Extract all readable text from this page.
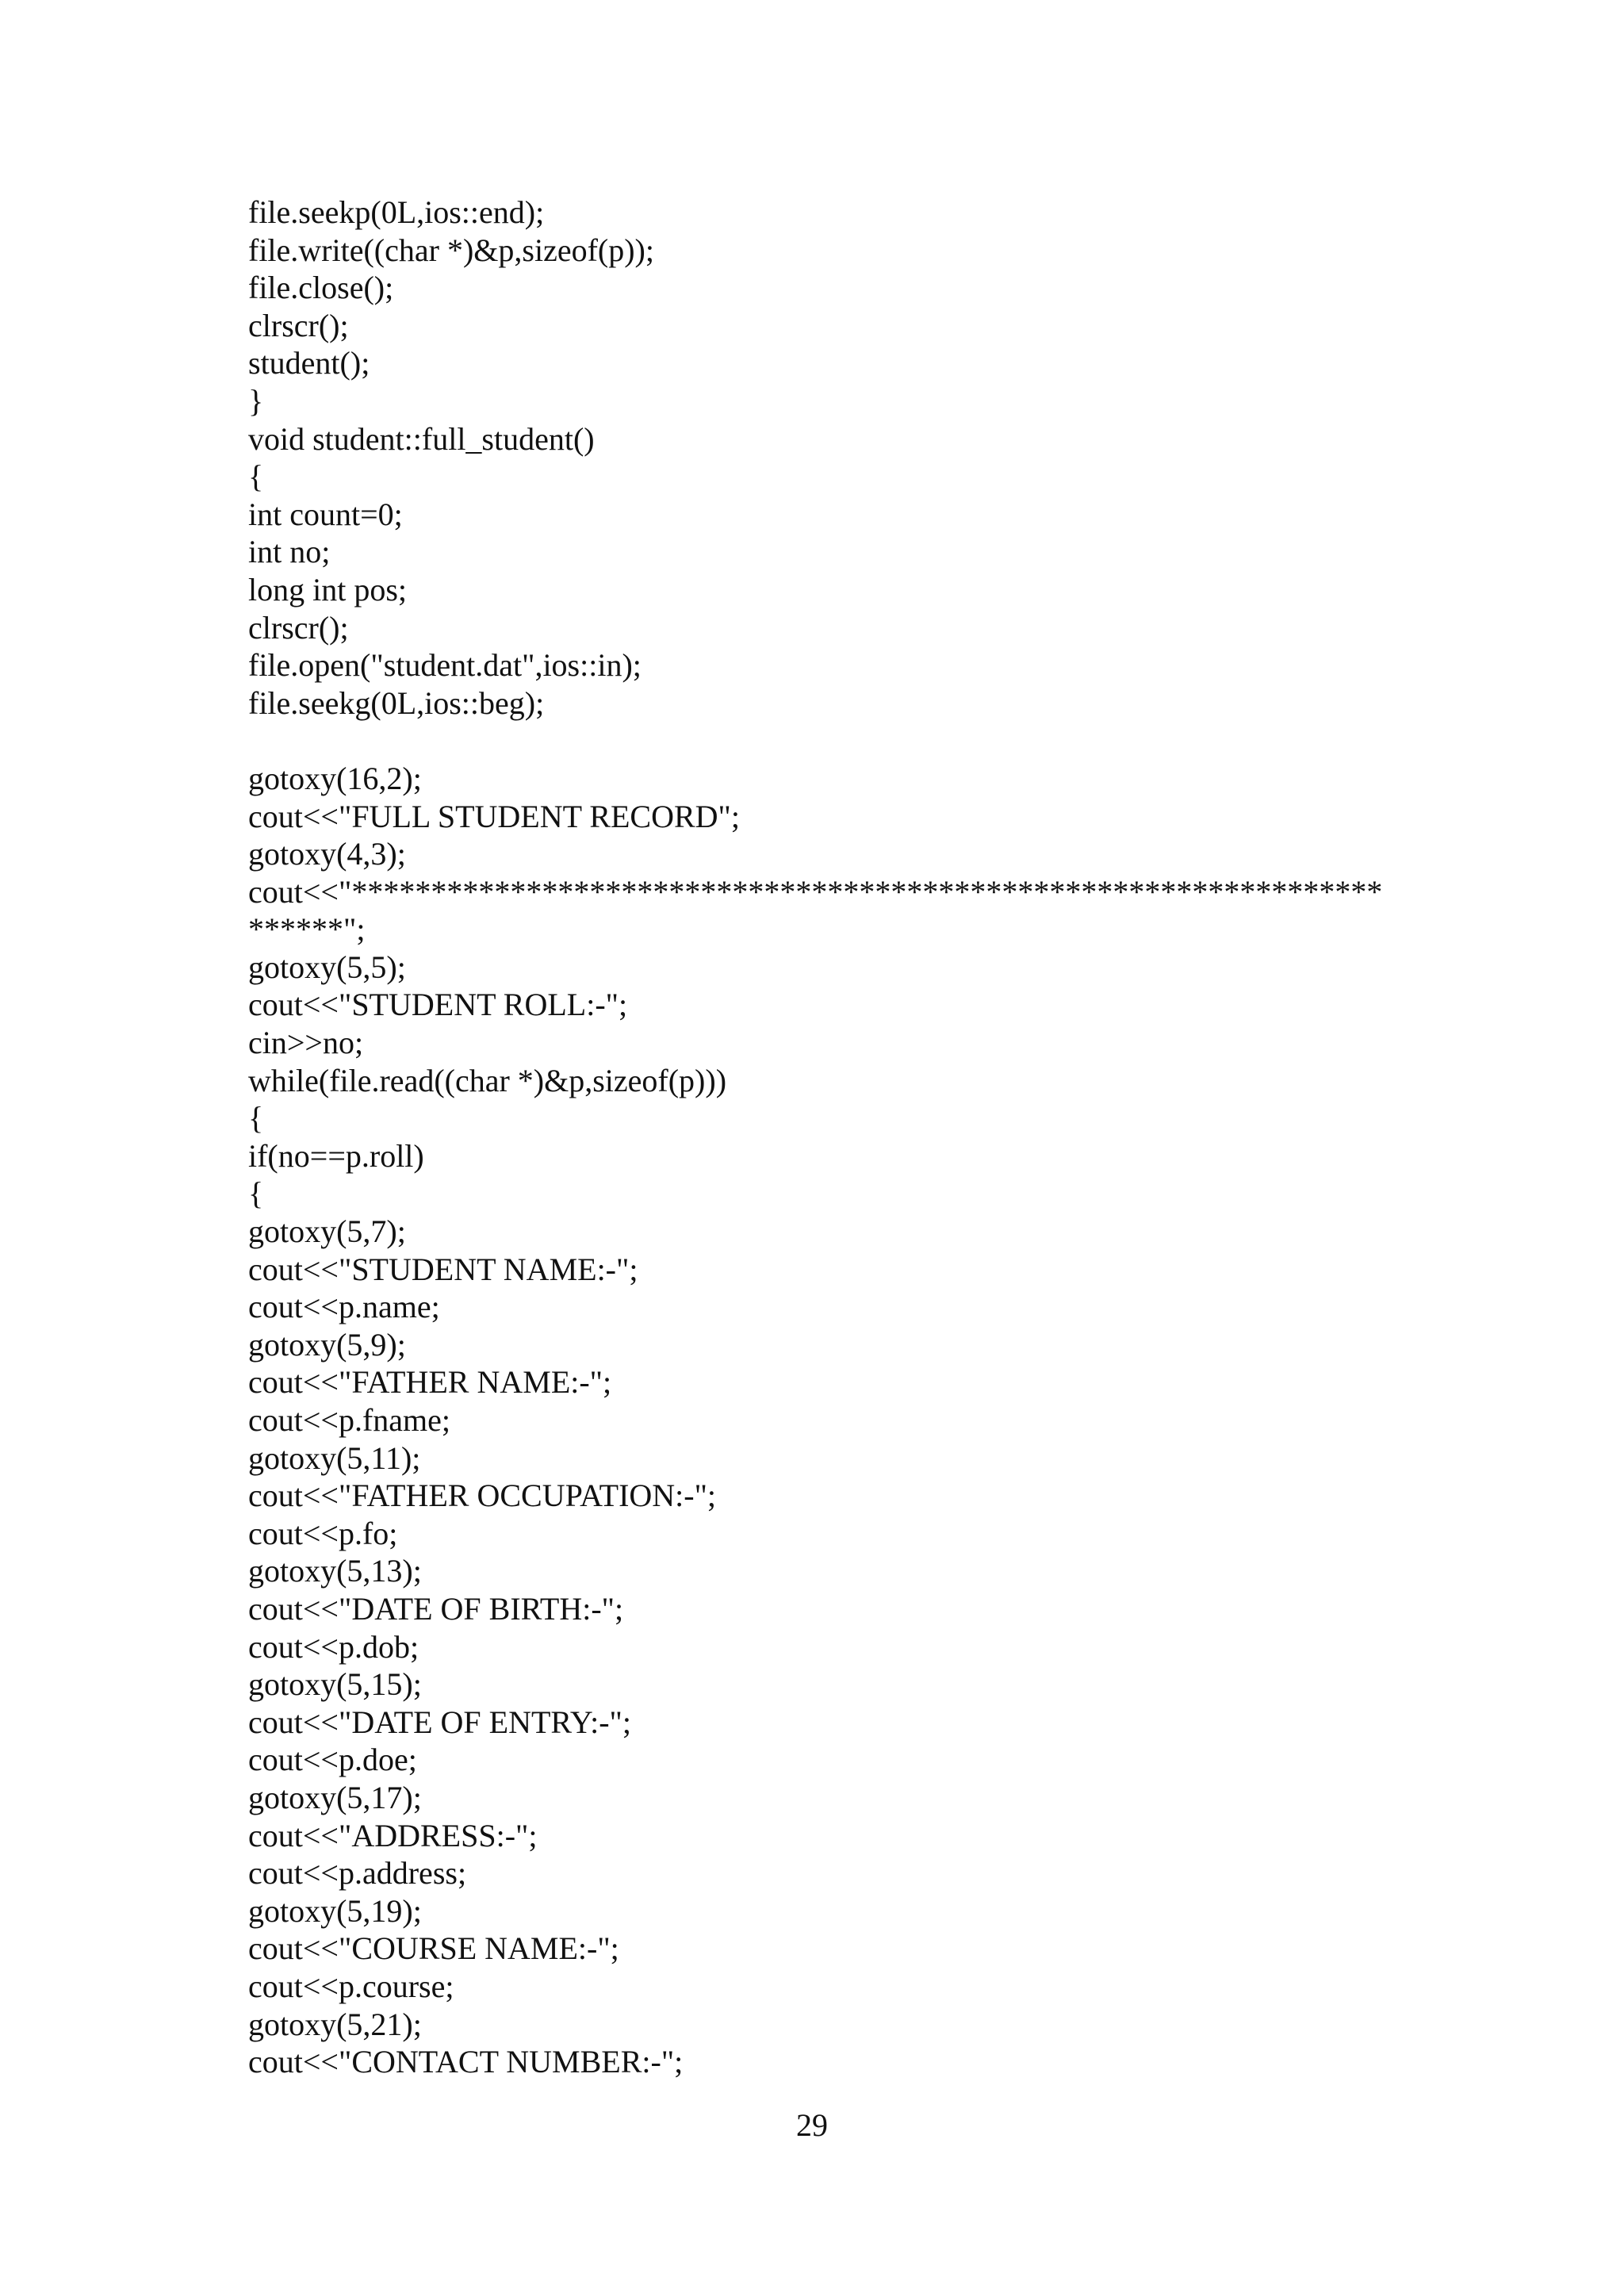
file.seekp(0L,ios::end);
file.write((char *)&p,sizeof(p));
file.close();
clrscr();
student();
}
void student::full_student()
{
int count=0;
int no;
long int pos;
clrscr();
file.open("student.dat",ios::in);
file.seekg(0L,ios::beg);
gotoxy(16,2);
cout<<"FULL STUDENT RECORD";
gotoxy(4,3);
cout<<"*****************************************************************
******";
gotoxy(5,5);
cout<<"STUDENT ROLL:-";
cin>>no;
while(file.read((char *)&p,sizeof(p)))
{
if(no==p.roll)
{
gotoxy(5,7);
cout<<"STUDENT NAME:-";
cout<<p.name;
gotoxy(5,9);
cout<<"FATHER NAME:-";
cout<<p.fname;
gotoxy(5,11);
cout<<"FATHER OCCUPATION:-";
cout<<p.fo;
gotoxy(5,13);
cout<<"DATE OF BIRTH:-";
cout<<p.dob;
gotoxy(5,15);
cout<<"DATE OF ENTRY:-";
cout<<p.doe;
gotoxy(5,17);
cout<<"ADDRESS:-";
cout<<p.address;
gotoxy(5,19);
cout<<"COURSE NAME:-";
cout<<p.course;
gotoxy(5,21);
cout<<"CONTACT NUMBER:-";
29
